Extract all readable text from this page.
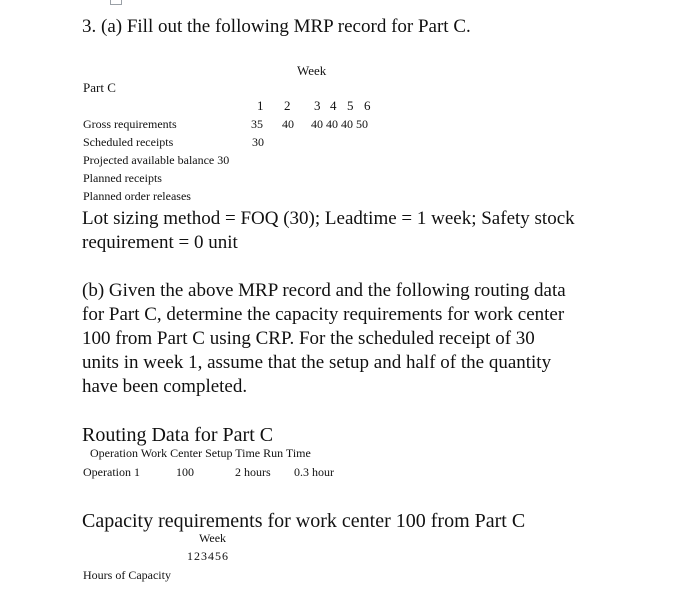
3. (a) Fill out the following MRP record for Part C.
Week
Part C
1 2 3 4 5 6
Gross requirements	35 40 40 40 40 50
Scheduled receipts	30
Projected available balance 30
Planned receipts
Planned order releases
Lot sizing method = FOQ (30); Leadtime = 1 week; Safety stock
requirement = 0 unit
(b) Given the above MRP record and the following routing data
for Part C, determine the capacity requirements for work center
100 from Part C using CRP. For the scheduled receipt of 30
units in week 1, assume that the setup and half of the quantity
have been completed.
Routing Data for Part C
Operation Work Center Setup Time Run Time
Operation 1	100	2 hours 0.3 hour
Capacity requirements for work center 100 from Part C
Week
1 2 3 4 5 6
Hours of Capacity
